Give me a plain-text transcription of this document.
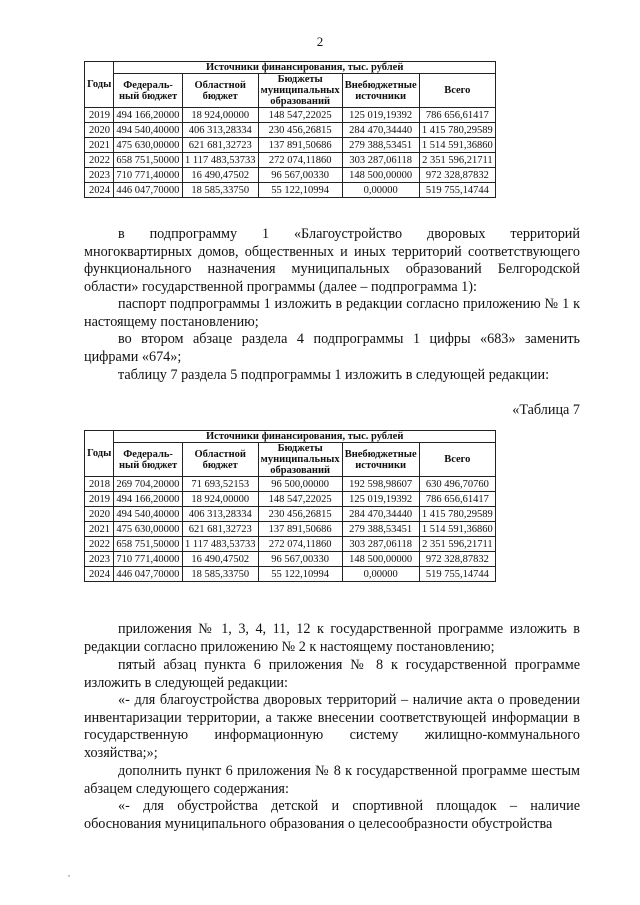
2
Годы	Источники финансирования, тыс. рублей				
	Федераль-ный бюджет	Областной бюджет	Бюджеты муниципальных образований	Внебюджетные источники	Всего
2019	494 166,20000	18 924,00000	148 547,22025	125 019,19392	786 656,61417
2020	494 540,40000	406 313,28334	230 456,26815	284 470,34440	1 415 780,29589
2021	475 630,00000	621 681,32723	137 891,50686	279 388,53451	1 514 591,36860
2022	658 751,50000	1 117 483,53733	272 074,11860	303 287,06118	2 351 596,21711
2023	710 771,40000	16 490,47502	96 567,00330	148 500,00000	972 328,87832
2024	446 047,70000	18 585,33750	55 122,10994	0,00000	519 755,14744

в подпрограмму 1 «Благоустройство дворовых территорий многоквартирных домов, общественных и иных территорий соответствующего функционального назначения муниципальных образований Белгородской области» государственной программы (далее – подпрограмма 1):

паспорт подпрограммы 1 изложить в редакции согласно приложению № 1 к настоящему постановлению;

во втором абзаце раздела 4 подпрограммы 1 цифры «683» заменить цифрами «674»;

таблицу 7 раздела 5 подпрограммы 1 изложить в следующей редакции:

«Таблица 7

Годы	Источники финансирования, тыс. рублей				
	Федераль-ный бюджет	Областной бюджет	Бюджеты муниципальных образований	Внебюджетные источники	Всего
2018	269 704,20000	71 693,52153	96 500,00000	192 598,98607	630 496,70760
2019	494 166,20000	18 924,00000	148 547,22025	125 019,19392	786 656,61417
2020	494 540,40000	406 313,28334	230 456,26815	284 470,34440	1 415 780,29589
2021	475 630,00000	621 681,32723	137 891,50686	279 388,53451	1 514 591,36860
2022	658 751,50000	1 117 483,53733	272 074,11860	303 287,06118	2 351 596,21711
2023	710 771,40000	16 490,47502	96 567,00330	148 500,00000	972 328,87832
2024	446 047,70000	18 585,33750	55 122,10994	0,00000	519 755,14744

приложения № 1, 3, 4, 11, 12 к государственной программе изложить в редакции согласно приложению № 2 к настоящему постановлению;

пятый абзац пункта 6 приложения № 8 к государственной программе изложить в следующей редакции:

«- для благоустройства дворовых территорий – наличие акта о проведении инвентаризации территории, а также внесении соответствующей информации в государственную информационную систему жилищно-коммунального хозяйства;»;

дополнить пункт 6 приложения № 8 к государственной программе шестым абзацем следующего содержания:

«- для обустройства детской и спортивной площадок – наличие обоснования муниципального образования о целесообразности обустройства

˙
